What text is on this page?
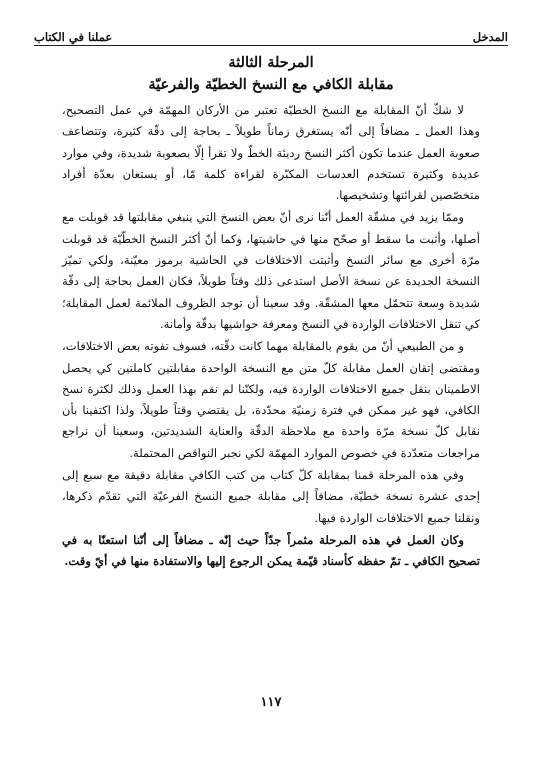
المدخل
عملنا في الكتاب
المرحلة الثالثة
مقابلة الكافي مع النسخ الخطيّة والفرعيّة

لا شكّ أنّ المقابلة مع النسخ الخطيّة تعتبر من الأركان المهمّة في عمل التصحيح، وهذا العمل ـ مضافاً إلى أنّه يستغرق زماناً طويلاً ـ بحاجة إلى دقّة كثيرة، وتتضاعف صعوبة العمل عندما تكون أكثر النسخ رديئة الخطّ ولا تقرأ إلّا بصعوبة شديدة، وفي موارد عديدة وكثيرة تستخدم العدسات المكبّرة لقراءة كلمة مّا، أو يستعان بعدّة أفراد متخصّصين لقرائتها وتشخيصها.

وممّا يزيد في مشقّة العمل أنّنا نرى أنّ بعض النسخ التي ينبغي مقابلتها قد قوبلت مع أصلها، وأثبت ما سقط أو صحّح منها في حاشيتها، وكما أنّ أكثر النسخ الخطّيّة قد قوبلت مرّة أخرى مع سائر النسخ وأثبتت الاختلافات في الحاشية برموز معيّنة، ولكي تميّز النسخة الجديدة عن نسخة الأصل استدعى ذلك وقتاً طويلاً، فكان العمل بحاجة إلى دقّة شديدة وسعة تتحمّل معها المشقّة. وقد سعينا أن توجد الظروف الملائمة لعمل المقابلة؛ كي تنقل الاختلافات الواردة في النسخ ومعرفة حواشيها بدقّة وأمانة.

و من الطبيعي أنّ من يقوم بالمقابلة مهما كانت دقّته، فسوف تفوته بعض الاختلافات، ومقتضى إتقان العمل مقابلة كلّ متن مع النسخة الواحدة مقابلتين كاملتين كي يحصل الاطمينان بنقل جميع الاختلافات الواردة فيه، ولكنّنا لم نقم بهذا العمل وذلك لكثرة نسخ الكافي، فهو غير ممكن في فترة زمنيّة محدّدة، بل يقتضي وقتاً طويلاً، ولذا اكتفينا بأن نقابل كلّ نسخة مرّة واحدة مع ملاحظة الدقّة والعناية الشديدتين، وسعينا أن نراجع مراجعات متعدّدة في خصوص الموارد المهمّة لكي نجبر النواقص المحتملة.

وفي هذه المرحلة قمنا بمقابلة كلّ كتاب من كتب الكافي مقابلة دقيقة مع سبع إلى إحدى عشرة نسخة خطيّة، مضافاً إلى مقابلة جميع النسخ الفرعيّة التي تقدّم ذكرها، ونقلنا جميع الاختلافات الواردة فيها.

وكان العمل في هذه المرحلة مثمراً جدّاً حيث إنّه ـ مضافاً إلى أنّنا استعنّا به في تصحيح الكافي ـ تمّ حفظه كأسناد قيّمة يمكن الرجوع إليها والاستفادة منها في أيّ وقت.

١١٧
